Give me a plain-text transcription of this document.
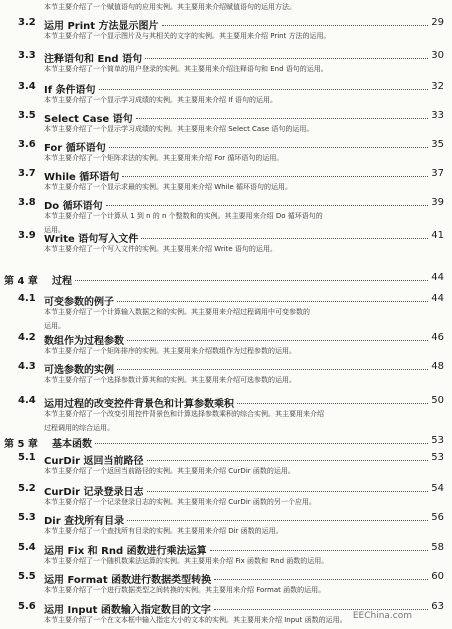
本节主要介绍了一个赋值语句的应用实例。其主要用来介绍赋值语句的运用方法。
3.2 运用 Print 方法显示图片	29
本节主要介绍了一个显示图片及与其相关的文字的实例。其主要用来介绍 Print 方法的运用。
3.3 注释语句和 End 语句	30
本节主要介绍了一个简单的用户登录的实例。其主要用来介绍注释语句和 End 语句的运用。
3.4 If 条件语句	32
本节主要介绍了一个显示学习成绩的实例。其主要用来介绍 If 语句的运用。
3.5 Select Case 语句	33
本节主要介绍了一个显示学习成绩的实例。其主要用来介绍 Select Case 语句的运用。
3.6 For 循环语句	35
本节主要介绍了一个矩阵求法的实例。其主要用来介绍 For 循环语句的运用。
3.7 While 循环语句	37
本节主要介绍了一个显示求最的实例。其主要用来介绍 While 循环语句的运用。
3.8 Do 循环语句	39
本节主要介绍了一个计算从 1 到 n 的 n 个整数和的实例。其主要用来介绍 Do 循环语句的
运用。
3.9 Write 语句写入文件	41
本节主要介绍了一个写入文件的实例。其主要用来介绍 Write 语句的运用。
第 4 章 过程	44
4.1 可变参数的例子	44
本节主要介绍了一个计算输入数据之和的实例。其主要用来介绍过程调用中可变参数的
运用。
4.2 数组作为过程参数	46
本节主要介绍了一个矩阵排序的实例。其主要用来介绍数组作为过程参数的运用。
4.3 可选参数的实例	48
本节主要介绍了一个选择参数计算其和的实例。其主要用来介绍可选参数的运用。
4.4 运用过程的改变控件背景色和计算参数乘积	50
本节主要介绍了一个改变引用控件背景色和计算选择参数乘积的综合实例。其主要用来介绍
过程调用的综合运用。
第 5 章 基本函数	53
5.1 CurDir 返回当前路径	53
本节主要介绍了一个返回当前路径的实例。其主要用来介绍 CurDir 函数的运用。
5.2 CurDir 记录登录日志	54
本节主要介绍了一个记录登录日志的实例。其主要用来介绍 CurDir 函数的另一个应用。
5.3 Dir 查找所有目录	56
本节主要介绍了一个查找所有目录的实例。其主要用来介绍 Dir 函数的运用。
5.4 运用 Fix 和 Rnd 函数进行乘法运算	58
本节主要介绍了一个随机数乘法运算的实例。其主要用来介绍 Fix 函数和 Rnd 函数的运用。
5.5 运用 Format 函数进行数据类型转换	60
本节主要介绍了一个进行数据类型之间转换的实例。其主要用来介绍 Format 函数的运用。
5.6 运用 Input 函数输入指定数目的文字	63
本节主要介绍了一个在文本框中输入指定大小的文本的实例。其主要用来介绍 Input 函数的运用。 EEChina.com
